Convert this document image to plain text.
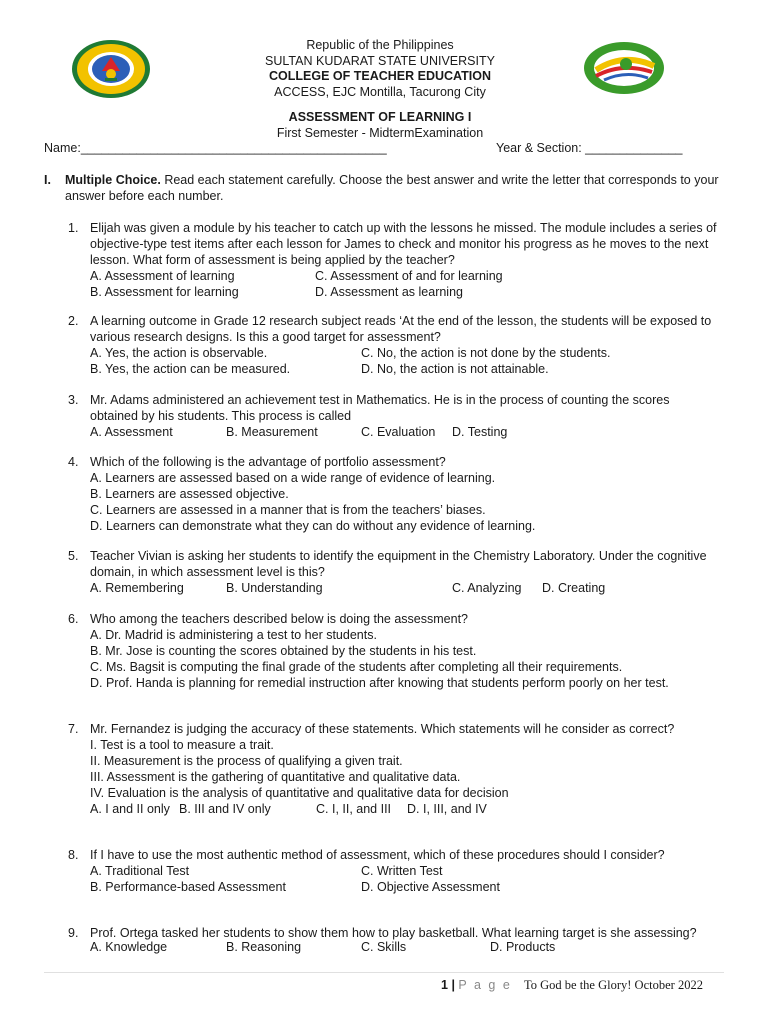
Republic of the Philippines
SULTAN KUDARAT STATE UNIVERSITY
COLLEGE OF TEACHER EDUCATION
ACCESS, EJC Montilla, Tacurong City
ASSESSMENT OF LEARNING I
First Semester - MidtermExamination
Name:____________________________________________	Year & Section: ______________
I. Multiple Choice. Read each statement carefully. Choose the best answer and write the letter that corresponds to your answer before each number.
1. Elijah was given a module by his teacher to catch up with the lessons he missed. The module includes a series of objective-type test items after each lesson for James to check and monitor his progress as he moves to the next lesson. What form of assessment is being applied by the teacher?
A. Assessment of learning	C. Assessment of and for learning
B. Assessment for learning	D. Assessment as learning
2. A learning outcome in Grade 12 research subject reads ‘At the end of the lesson, the students will be exposed to various research designs. Is this a good target for assessment?
A. Yes, the action is observable.	C. No, the action is not done by the students.
B. Yes, the action can be measured.	D. No, the action is not attainable.
3. Mr. Adams administered an achievement test in Mathematics. He is in the process of counting the scores obtained by his students. This process is called
A. Assessment	B. Measurement	C. Evaluation D. Testing
4. Which of the following is the advantage of portfolio assessment?
A. Learners are assessed based on a wide range of evidence of learning.
B. Learners are assessed objective.
C. Learners are assessed in a manner that is from the teachers’ biases.
D. Learners can demonstrate what they can do without any evidence of learning.
5. Teacher Vivian is asking her students to identify the equipment in the Chemistry Laboratory. Under the cognitive domain, in which assessment level is this?
A. Remembering	B. Understanding	C. Analyzing D. Creating
6. Who among the teachers described below is doing the assessment?
A. Dr. Madrid is administering a test to her students.
B. Mr. Jose is counting the scores obtained by the students in his test.
C. Ms. Bagsit is computing the final grade of the students after completing all their requirements.
D. Prof. Handa is planning for remedial instruction after knowing that students perform poorly on her test.
7. Mr. Fernandez is judging the accuracy of these statements. Which statements will he consider as correct?
I. Test is a tool to measure a trait.
II. Measurement is the process of qualifying a given trait.
III. Assessment is the gathering of quantitative and qualitative data.
IV. Evaluation is the analysis of quantitative and qualitative data for decision
A. I and II only B. III and IV only	C. I, II, and III D. I, III, and IV
8. If I have to use the most authentic method of assessment, which of these procedures should I consider?
A. Traditional Test	C. Written Test
B. Performance-based Assessment	D. Objective Assessment
9. Prof. Ortega tasked her students to show them how to play basketball. What learning target is she assessing?
A. Knowledge	B. Reasoning	C. Skills	D. Products
1 | P a g e To God be the Glory! October 2022
